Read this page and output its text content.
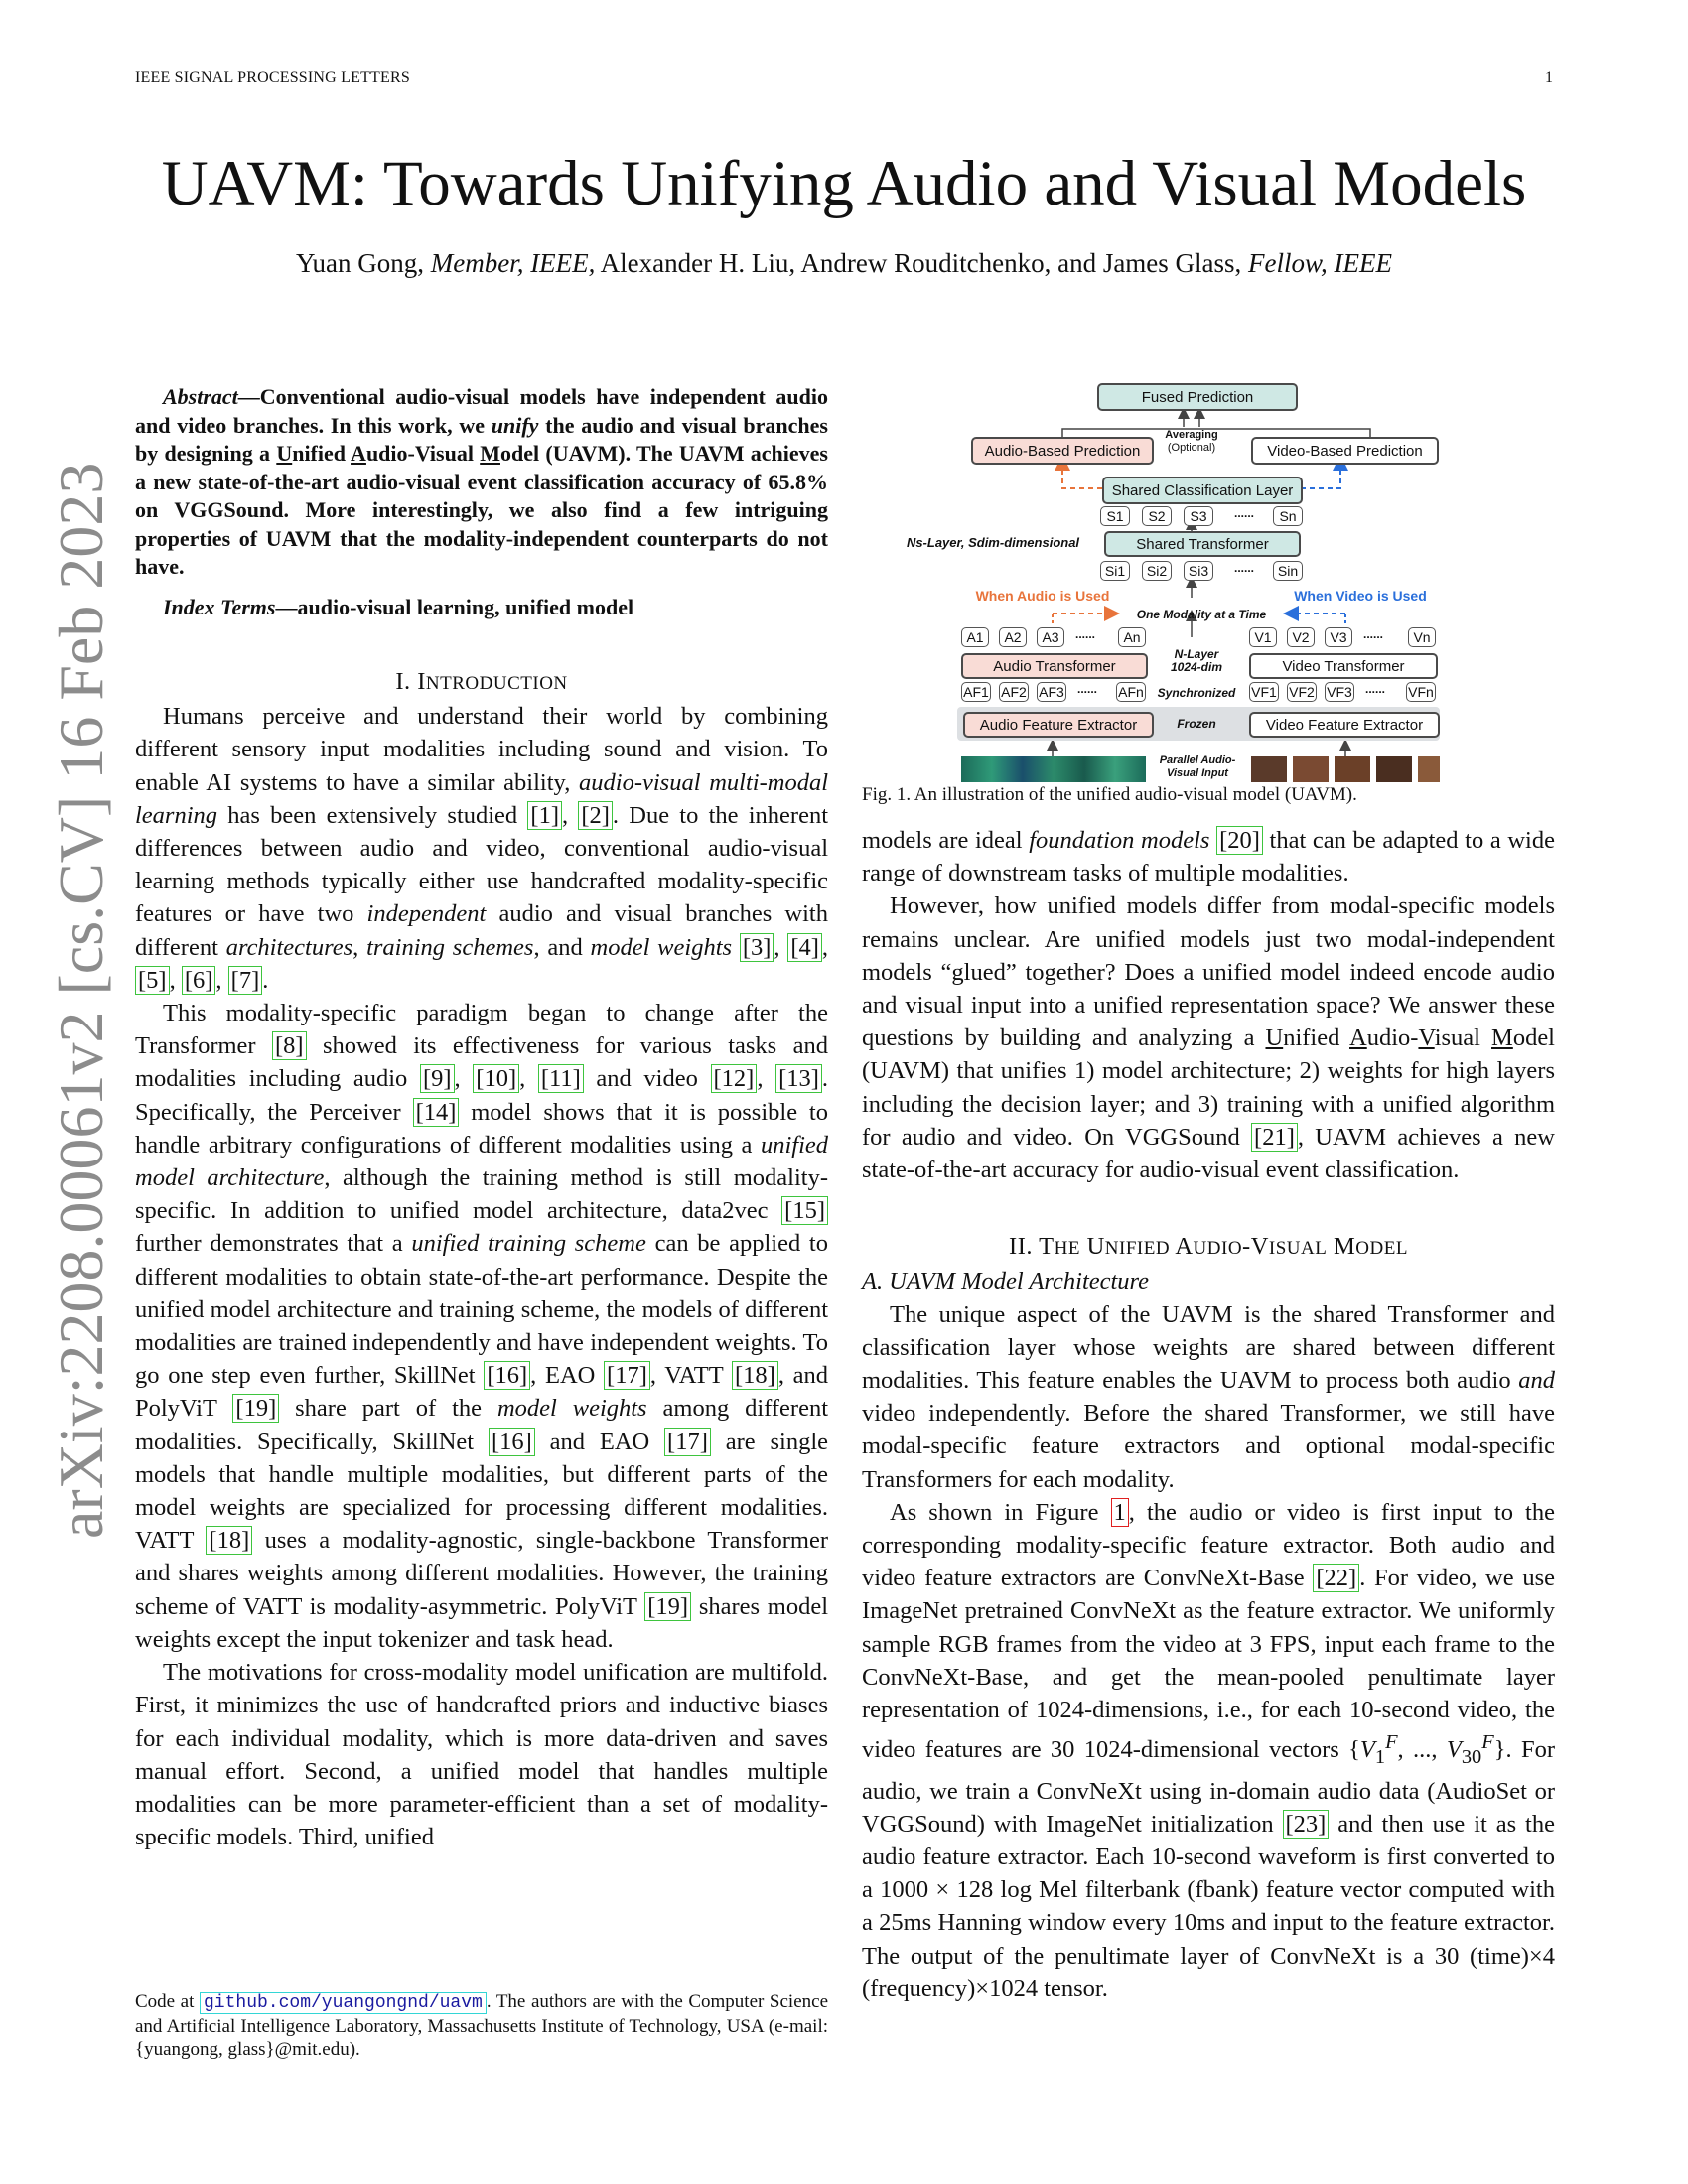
IEEE SIGNAL PROCESSING LETTERS	1
arXiv:2208.00061v2 [cs.CV] 16 Feb 2023
UAVM: Towards Unifying Audio and Visual Models
Yuan Gong, Member, IEEE, Alexander H. Liu, Andrew Rouditchenko, and James Glass, Fellow, IEEE

Abstract—Conventional audio-visual models have independent audio and video branches. In this work, we unify the audio and visual branches by designing a Unified Audio-Visual Model (UAVM). The UAVM achieves a new state-of-the-art audio-visual event classification accuracy of 65.8% on VGGSound. More interestingly, we also find a few intriguing properties of UAVM that the modality-independent counterparts do not have.

Index Terms—audio-visual learning, unified model

I. INTRODUCTION

Humans perceive and understand their world by combining different sensory input modalities including sound and vision. To enable AI systems to have a similar ability, audio-visual multi-modal learning has been extensively studied [1] , [2] . Due to the inherent differences between audio and video, conventional audio-visual learning methods typically either use handcrafted modality-specific features or have two independent audio and visual branches with different architectures, training schemes, and model weights [3] , [4] , [5] , [6] , [7] .

This modality-specific paradigm began to change after the Transformer [8] showed its effectiveness for various tasks and modalities including audio [9] , [10] , [11] and video [12] , [13] . Specifically, the Perceiver [14] model shows that it is possible to handle arbitrary configurations of different modalities using a unified model architecture, although the training method is still modality-specific. In addition to unified model architecture, data2vec [15] further demonstrates that a unified training scheme can be applied to different modalities to obtain state-of-the-art performance. Despite the unified model architecture and training scheme, the models of different modalities are trained independently and have independent weights. To go one step even further, SkillNet [16] , EAO [17] , VATT [18] , and PolyViT [19] share part of the model weights among different modalities. Specifically, SkillNet [16] and EAO [17] are single models that handle multiple modalities, but different parts of the model weights are specialized for processing different modalities. VATT [18] uses a modality-agnostic, single-backbone Transformer and shares weights among different modalities. However, the training scheme of VATT is modality-asymmetric. PolyViT [19] shares model weights except the input tokenizer and task head.

The motivations for cross-modality model unification are multifold. First, it minimizes the use of handcrafted priors and inductive biases for each individual modality, which is more data-driven and saves manual effort. Second, a unified model that handles multiple modalities can be more parameter-efficient than a set of modality-specific models. Third, unified

Code at github.com/yuangongnd/uavm . The authors are with the Computer Science and Artificial Intelligence Laboratory, Massachusetts Institute of Technology, USA (e-mail: {yuangong, glass}@mit.edu).
Fused Prediction
Averaging
(Optional)
Audio-Based Prediction	Video-Based Prediction
Shared Classification Layer
S1	S2	S3	......	Sn
Shared Transformer
Ns-Layer, Sdim-dimensional
Si1	Si2	Si3	......	Sin
When Audio is Used	When Video is Used
One Modality at a Time
A1	A2	A3	......	An	V1	V2	V3	......	Vn
Audio Transformer	Video Transformer
N-Layer
1024-dim
AF1 AF2 AF3	......	AFn	Synchronized	VF1 VF2 VF3	......	VFn
Audio Feature Extractor	Video Feature Extractor
Frozen
Parallel Audio-Visual Input
Fig. 1. An illustration of the unified audio-visual model (UAVM).

models are ideal foundation models [20] that can be adapted to a wide range of downstream tasks of multiple modalities.

However, how unified models differ from modal-specific models remains unclear. Are unified models just two modal-independent models “glued” together? Does a unified model indeed encode audio and visual input into a unified representation space? We answer these questions by building and analyzing a Unified Audio-Visual Model (UAVM) that unifies 1) model architecture; 2) weights for high layers including the decision layer; and 3) training with a unified algorithm for audio and video. On VGGSound [21] , UAVM achieves a new state-of-the-art accuracy for audio-visual event classification.

II. THE UNIFIED AUDIO-VISUAL MODEL

A. UAVM Model Architecture

The unique aspect of the UAVM is the shared Transformer and classification layer whose weights are shared between different modalities. This feature enables the UAVM to process both audio and video independently. Before the shared Transformer, we still have modal-specific feature extractors and optional modal-specific Transformers for each modality.

As shown in Figure 1 , the audio or video is first input to the corresponding modality-specific feature extractor. Both audio and video feature extractors are ConvNeXt-Base [22] . For video, we use ImageNet pretrained ConvNeXt as the feature extractor. We uniformly sample RGB frames from the video at 3 FPS, input each frame to the ConvNeXt-Base, and get the mean-pooled penultimate layer representation of 1024-dimensions, i.e., for each 10-second video, the video features are 30 1024-dimensional vectors {$V_1^F$, ..., $V_{30}^F$}. For audio, we train a ConvNeXt using in-domain audio data (AudioSet or VGGSound) with ImageNet initialization [23] and then use it as the audio feature extractor. Each 10-second waveform is first converted to a 1000 × 128 log Mel filterbank (fbank) feature vector computed with a 25ms Hanning window every 10ms and input to the feature extractor. The output of the penultimate layer of ConvNeXt is a 30 (time)×4 (frequency)×1024 tensor.
